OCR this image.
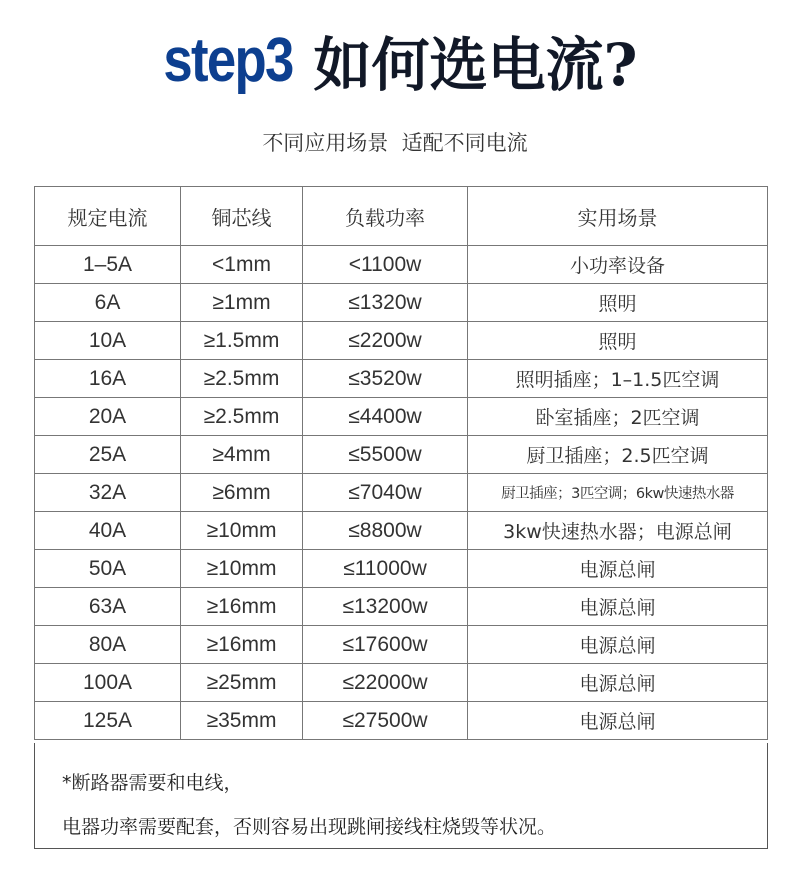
step3 如何选电流?
不同应用场景  适配不同电流
规定电流	铜芯线	负载功率	实用场景
1–5A	<1mm	<1100w	小功率设备
6A	≥1mm	≤1320w	照明
10A	≥1.5mm	≤2200w	照明
16A	≥2.5mm	≤3520w	照明插座；1–1.5匹空调
20A	≥2.5mm	≤4400w	卧室插座；2匹空调
25A	≥4mm	≤5500w	厨卫插座；2.5匹空调
32A	≥6mm	≤7040w	厨卫插座；3匹空调；6kw快速热水器
40A	≥10mm	≤8800w	3kw快速热水器；电源总闸
50A	≥10mm	≤11000w	电源总闸
63A	≥16mm	≤13200w	电源总闸
80A	≥16mm	≤17600w	电源总闸
100A	≥25mm	≤22000w	电源总闸
125A	≥35mm	≤27500w	电源总闸
*断路器需要和电线，
电器功率需要配套，否则容易出现跳闸接线柱烧毁等状况。
